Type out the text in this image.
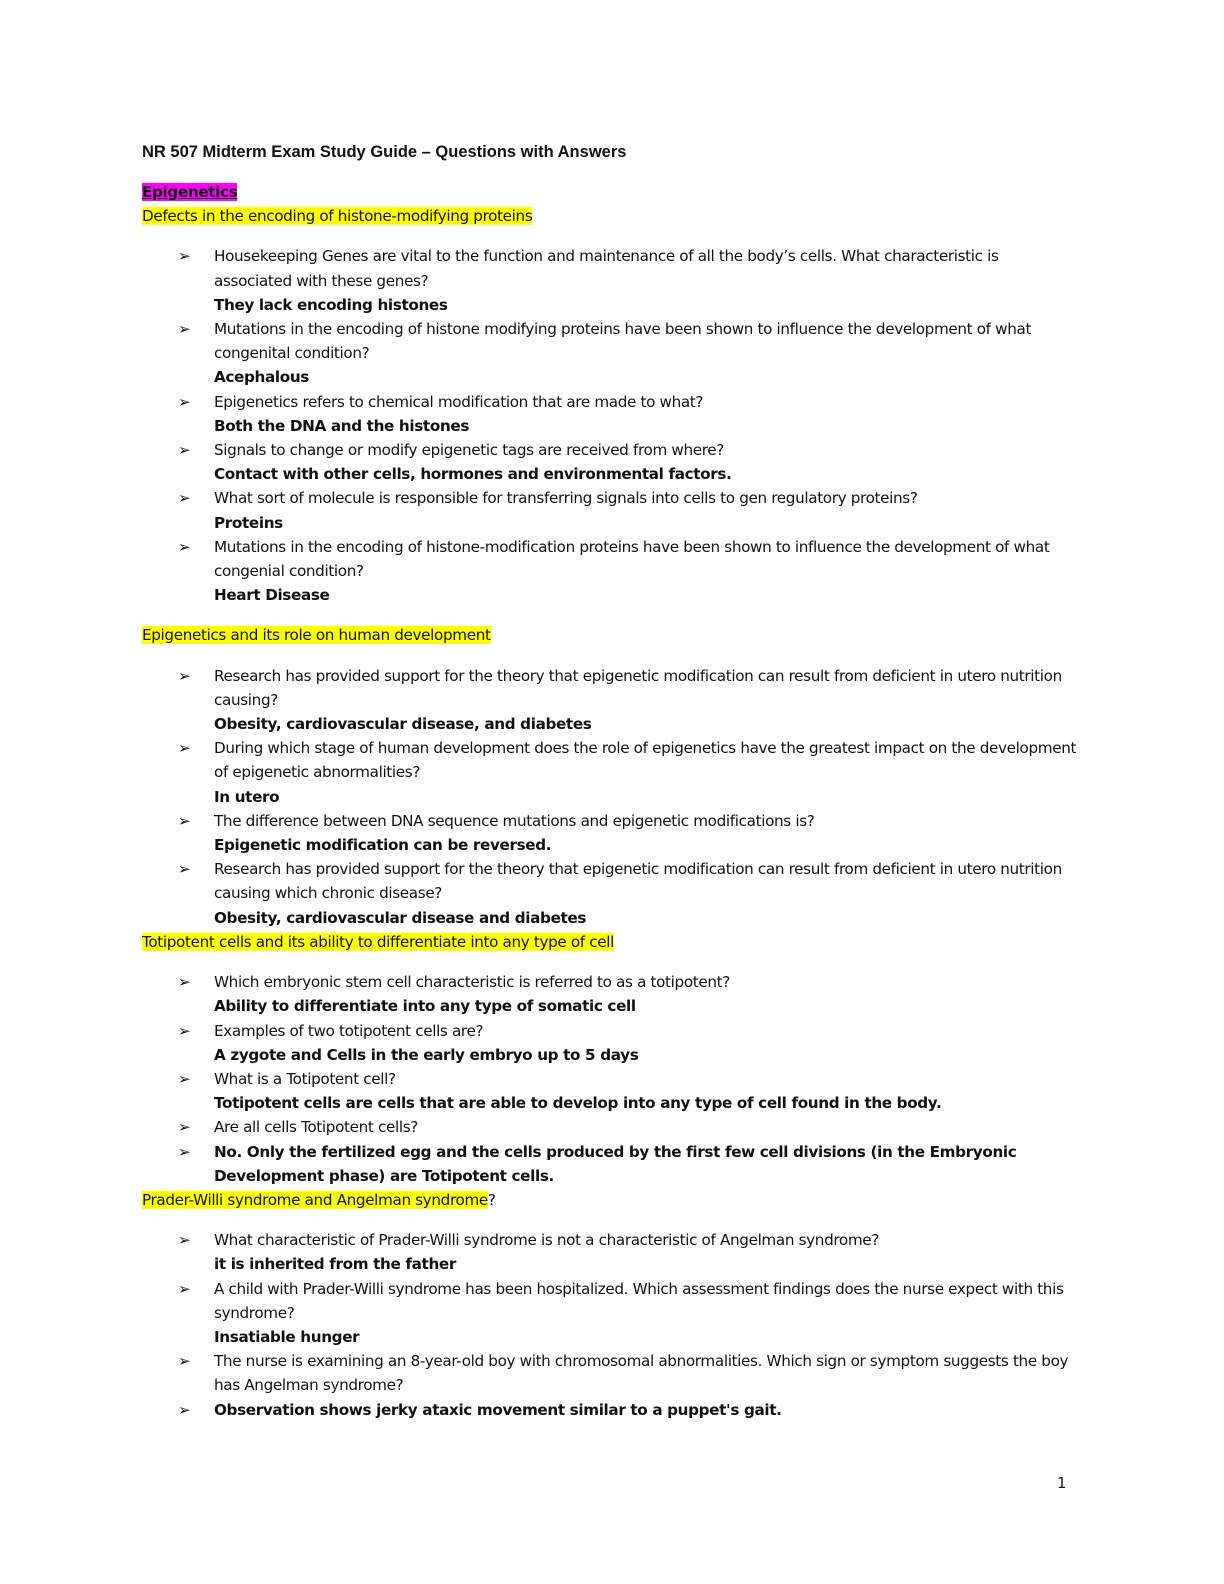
NR 507 Midterm Exam Study Guide – Questions with Answers

Epigenetics

Defects in the encoding of histone-modifying proteins

➢ Housekeeping Genes are vital to the function and maintenance of all the body’s cells. What characteristic is associated with these genes?
They lack encoding histones
➢ Mutations in the encoding of histone modifying proteins have been shown to influence the development of what congenital condition?
Acephalous
➢ Epigenetics refers to chemical modification that are made to what?
Both the DNA and the histones
➢ Signals to change or modify epigenetic tags are received from where?
Contact with other cells, hormones and environmental factors.
➢ What sort of molecule is responsible for transferring signals into cells to gen regulatory proteins?
Proteins
➢ Mutations in the encoding of histone-modification proteins have been shown to influence the development of what congenial condition?
Heart Disease

Epigenetics and its role on human development

➢ Research has provided support for the theory that epigenetic modification can result from deficient in utero nutrition causing?
Obesity, cardiovascular disease, and diabetes
➢ During which stage of human development does the role of epigenetics have the greatest impact on the development of epigenetic abnormalities?
In utero
➢ The difference between DNA sequence mutations and epigenetic modifications is?
Epigenetic modification can be reversed.
➢ Research has provided support for the theory that epigenetic modification can result from deficient in utero nutrition causing which chronic disease?
Obesity, cardiovascular disease and diabetes

Totipotent cells and its ability to differentiate into any type of cell

➢ Which embryonic stem cell characteristic is referred to as a totipotent?
Ability to differentiate into any type of somatic cell
➢ Examples of two totipotent cells are?
A zygote and Cells in the early embryo up to 5 days
➢ What is a Totipotent cell?
Totipotent cells are cells that are able to develop into any type of cell found in the body.
➢ Are all cells Totipotent cells?
➢ No. Only the fertilized egg and the cells produced by the first few cell divisions (in the Embryonic Development phase) are Totipotent cells.

Prader-Willi syndrome and Angelman syndrome?

➢ What characteristic of Prader-Willi syndrome is not a characteristic of Angelman syndrome?
it is inherited from the father
➢ A child with Prader-Willi syndrome has been hospitalized. Which assessment findings does the nurse expect with this syndrome?
Insatiable hunger
➢ The nurse is examining an 8-year-old boy with chromosomal abnormalities. Which sign or symptom suggests the boy has Angelman syndrome?
➢ Observation shows jerky ataxic movement similar to a puppet's gait.
1
